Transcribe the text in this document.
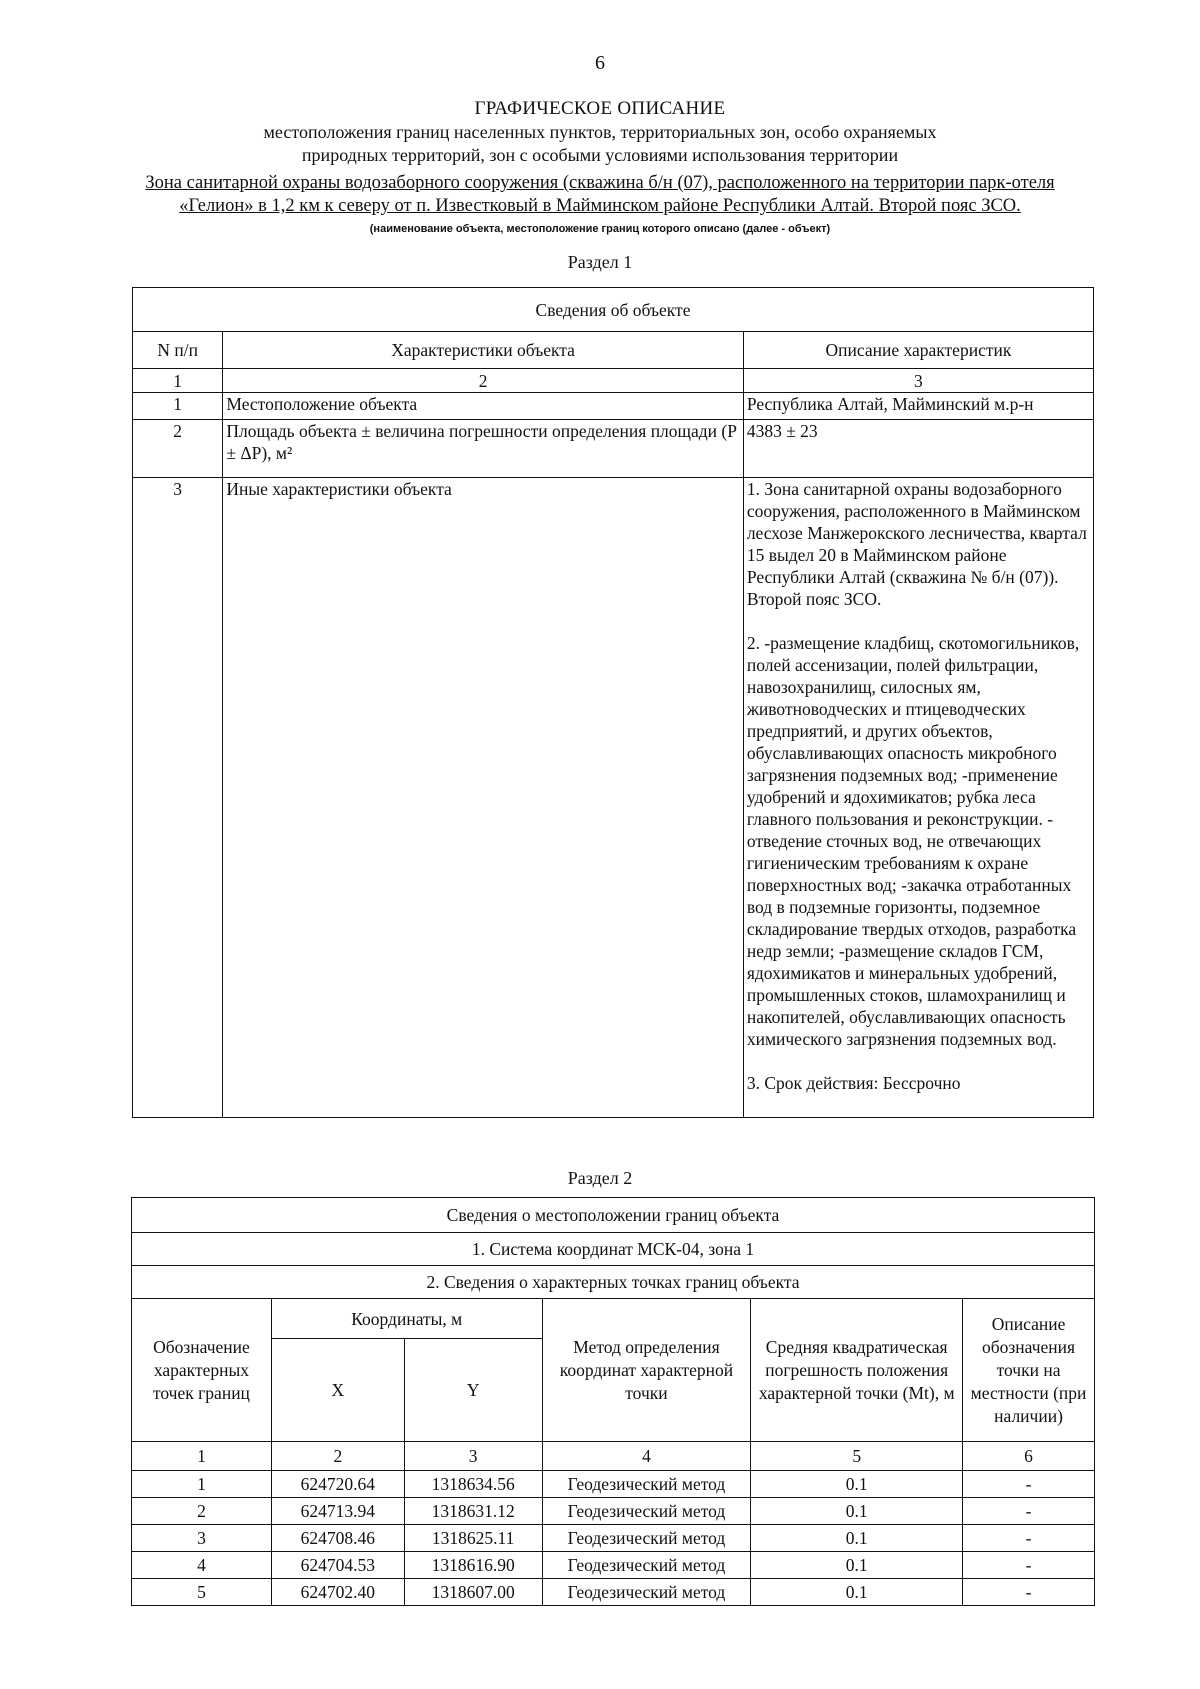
6
ГРАФИЧЕСКОЕ ОПИСАНИЕ
местоположения границ населенных пунктов, территориальных зон, особо охраняемых
природных территорий, зон с особыми условиями использования территории
Зона санитарной охраны водозаборного сооружения (скважина б/н (07), расположенного на территории парк-отеля
«Гелион» в 1,2 км к северу от п. Известковый в Майминском районе Республики Алтай. Второй пояс ЗСО.
(наименование объекта, местоположение границ которого описано (далее - объект)
Раздел 1
Сведения об объекте		
N п/п	Характеристики объекта	Описание характеристик
1	2	3
1	Местоположение объекта	Республика Алтай, Майминский м.р-н
2	Площадь объекта ± величина погрешности определения площади (P ± ΔP), м²	4383 ± 23
3	Иные характеристики объекта	1. Зона санитарной охраны водозаборного сооружения, расположенного в Майминском лесхозе Манжерокского лесничества, квартал 15 выдел 20 в Майминском районе Республики Алтай (скважина № б/н (07)). Второй пояс ЗСО.
2. -размещение кладбищ, скотомогильников, полей ассенизации, полей фильтрации, навозохранилищ, силосных ям, животноводческих и птицеводческих предприятий, и других объектов, обуславливающих опасность микробного загрязнения подземных вод; -применение удобрений и ядохимикатов; рубка леса главного пользования и реконструкции. - отведение сточных вод, не отвечающих гигиеническим требованиям к охране поверхностных вод; -закачка отработанных вод в подземные горизонты, подземное складирование твердых отходов, разработка недр земли; -размещение складов ГСМ, ядохимикатов и минеральных удобрений, промышленных стоков, шламохранилищ и накопителей, обуславливающих опасность химического загрязнения подземных вод.
3. Срок действия: Бессрочно
Сведения о местоположении границ объекта					
1. Система координат МСК-04, зона 1					
2. Сведения о характерных точках границ объекта					
Обозначение характерных точек границ	Координаты, м		Метод определения координат характерной точки	Средняя квадратическая погрешность положения характерной точки (Mt), м	Описание обозначения точки на местности (при наличии)
	X	Y			
1	2	3	4	5	6
1	624720.64	1318634.56	Геодезический метод	0.1	-
2	624713.94	1318631.12	Геодезический метод	0.1	-
3	624708.46	1318625.11	Геодезический метод	0.1	-
4	624704.53	1318616.90	Геодезический метод	0.1	-
5	624702.40	1318607.00	Геодезический метод	0.1	-
Раздел 2
